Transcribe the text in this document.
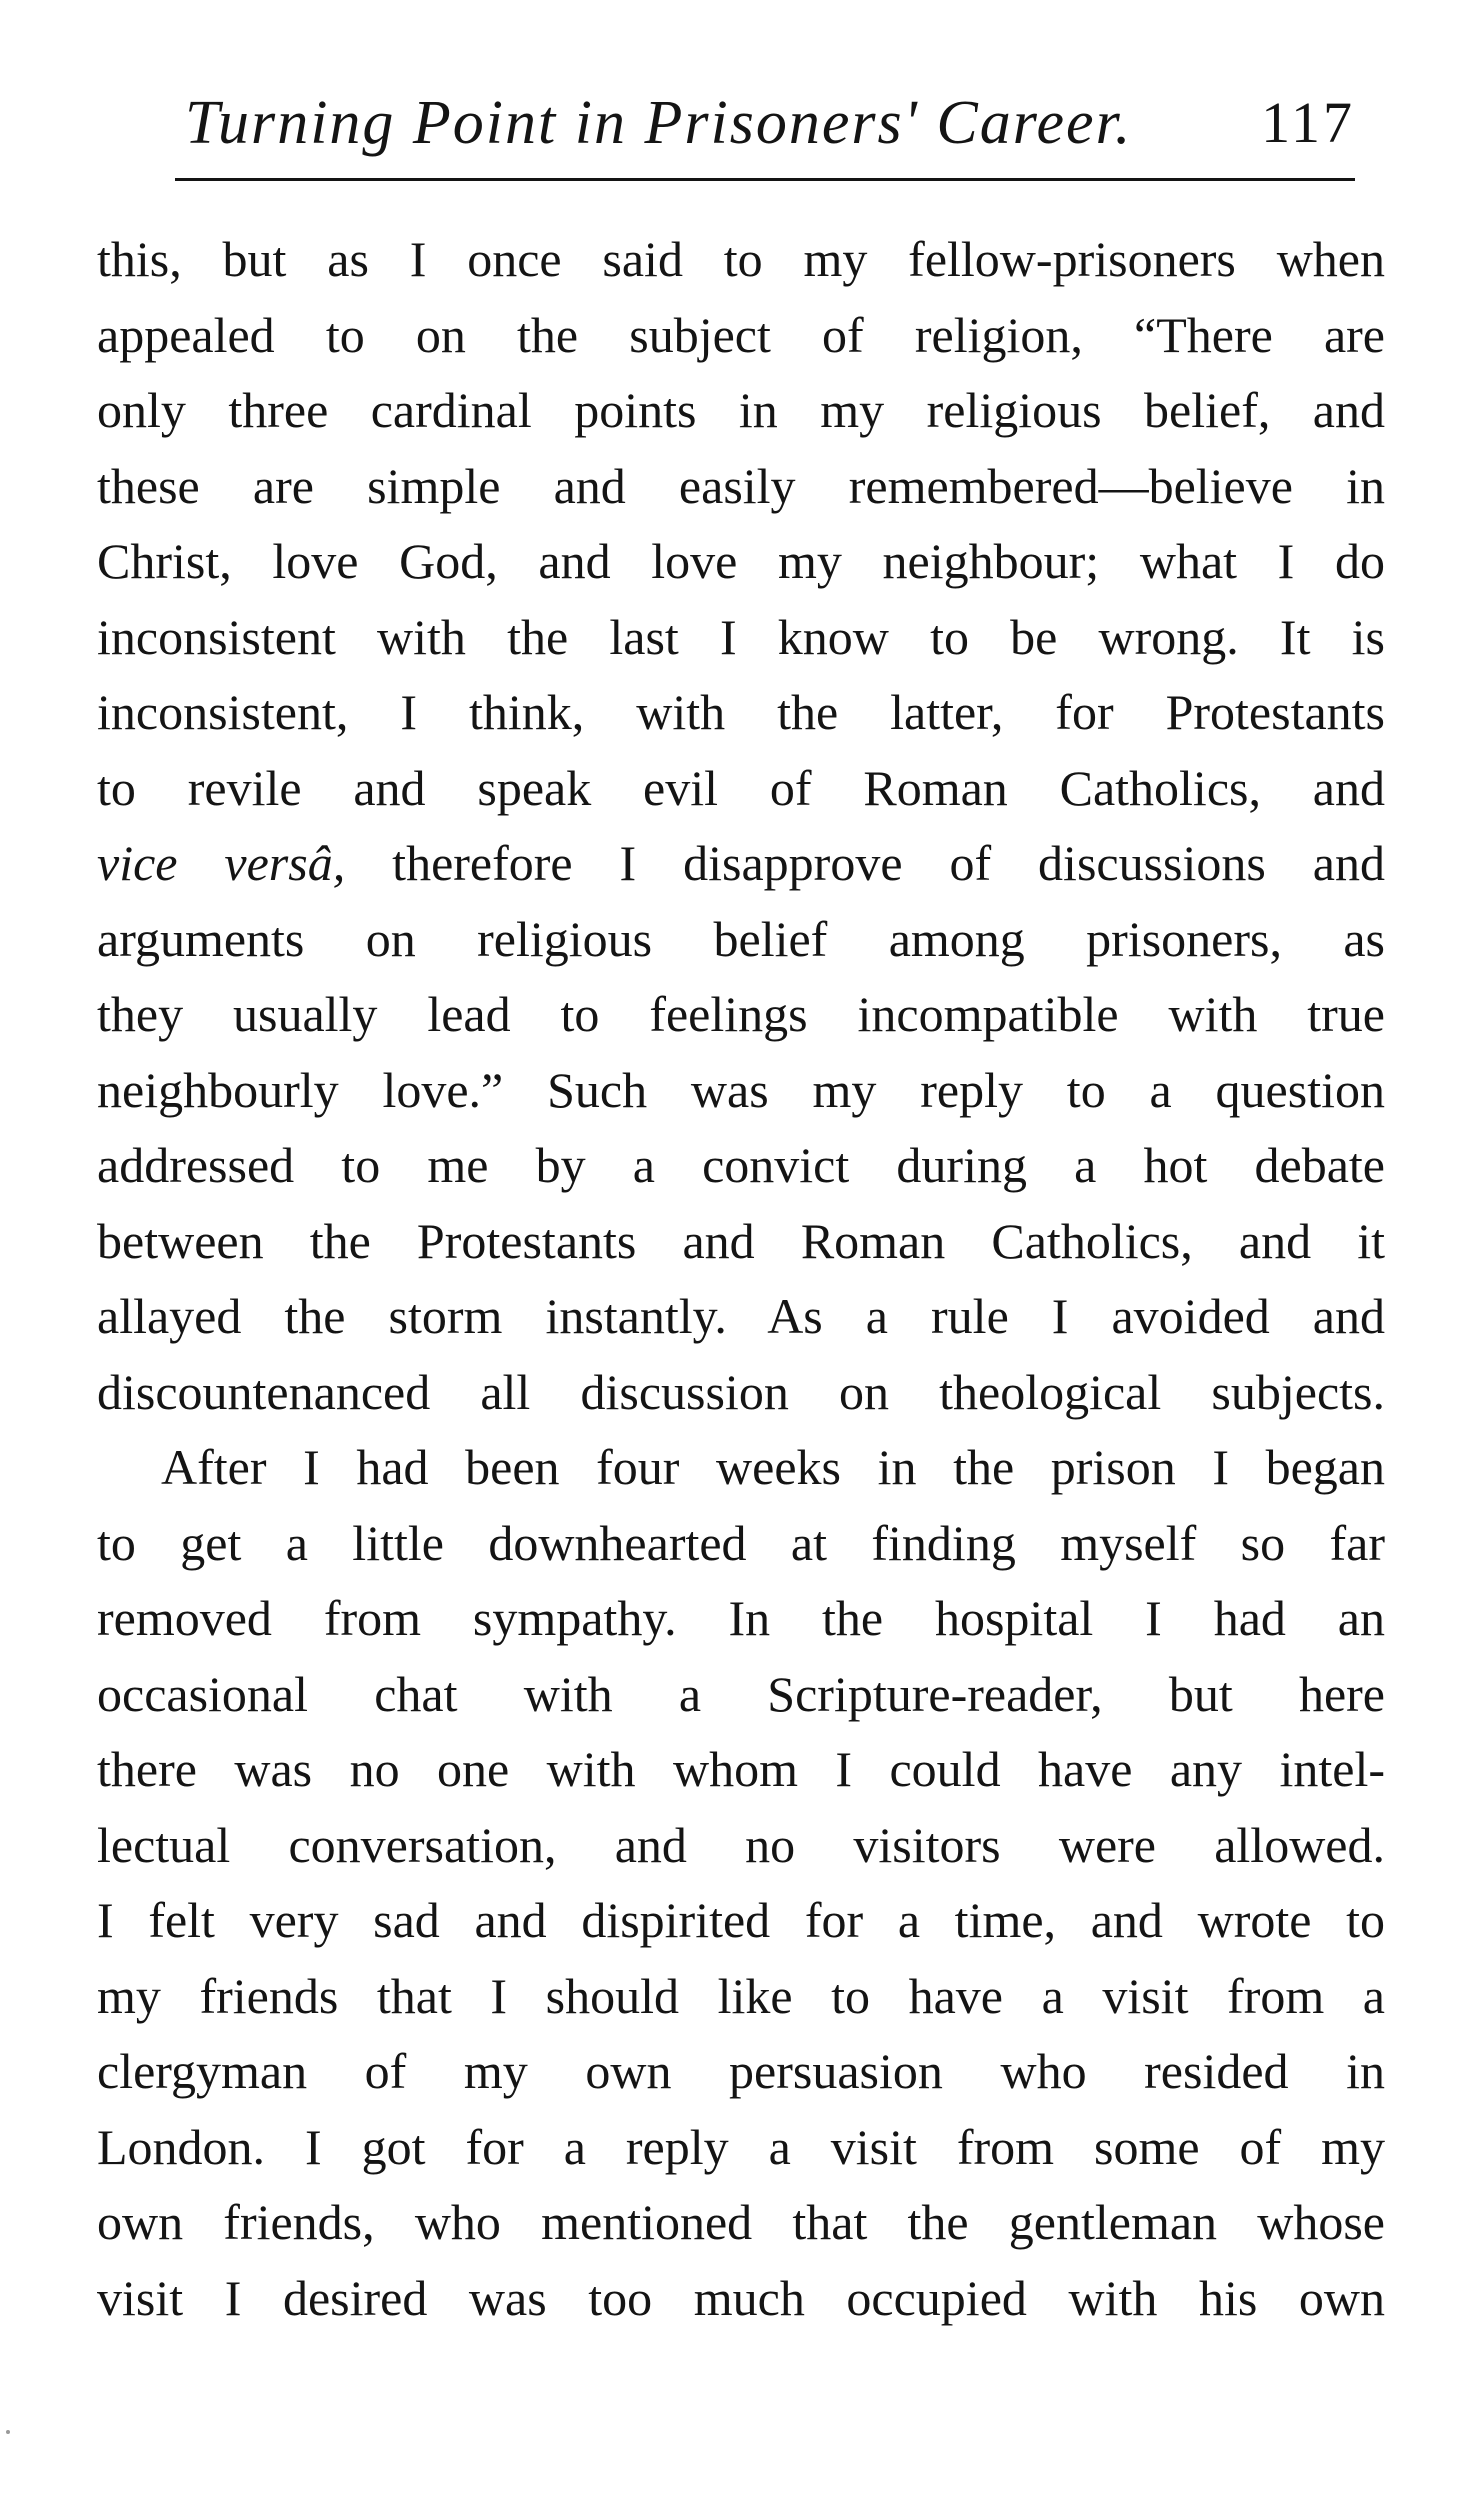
Turning Point in Prisoners' Career. 117
this, but as I once said to my fellow-prisoners when
appealed to on the subject of religion, “There are
only three cardinal points in my religious belief, and
these are simple and easily remembered—believe in
Christ, love God, and love my neighbour; what I do
inconsistent with the last I know to be wrong. It is
inconsistent, I think, with the latter, for Protestants
to revile and speak evil of Roman Catholics, and
vice versâ, therefore I disapprove of discussions and
arguments on religious belief among prisoners, as
they usually lead to feelings incompatible with true
neighbourly love.” Such was my reply to a question
addressed to me by a convict during a hot debate
between the Protestants and Roman Catholics, and it
allayed the storm instantly. As a rule I avoided and
discountenanced all discussion on theological subjects.
After I had been four weeks in the prison I began
to get a little downhearted at finding myself so far
removed from sympathy. In the hospital I had an
occasional chat with a Scripture-reader, but here
there was no one with whom I could have any intel-
lectual conversation, and no visitors were allowed.
I felt very sad and dispirited for a time, and wrote to
my friends that I should like to have a visit from a
clergyman of my own persuasion who resided in
London. I got for a reply a visit from some of my
own friends, who mentioned that the gentleman whose
visit I desired was too much occupied with his own
